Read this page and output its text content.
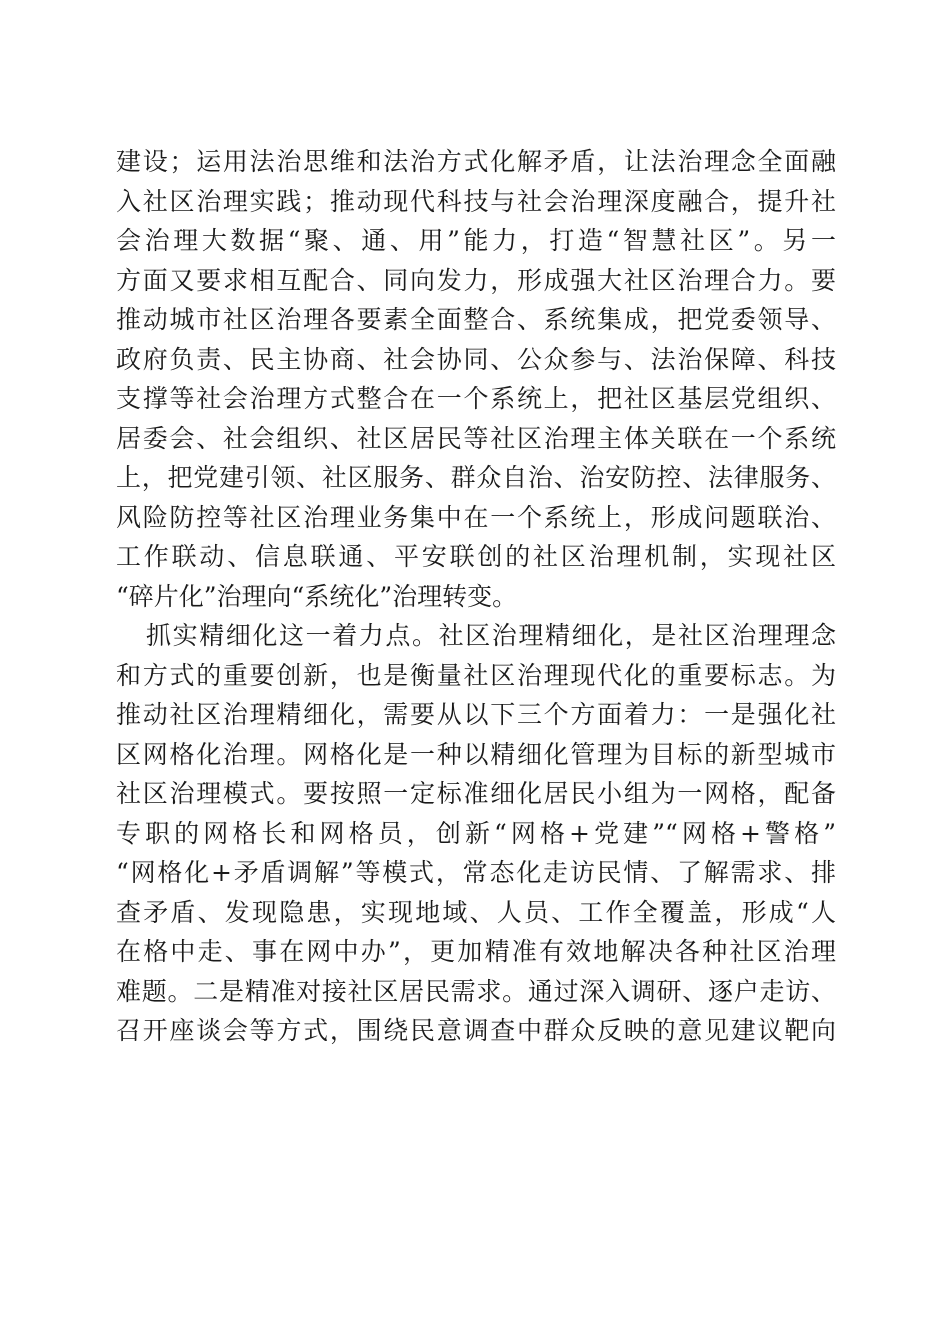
建设；运用法治思维和法治方式化解矛盾，让法治理念全面融
入社区治理实践；推动现代科技与社会治理深度融合，提升社
会治理大数据“聚、通、用”能力，打造“智慧社区”。另一
方面又要求相互配合、同向发力，形成强大社区治理合力。要
推动城市社区治理各要素全面整合、系统集成，把党委领导、
政府负责、民主协商、社会协同、公众参与、法治保障、科技
支撑等社会治理方式整合在一个系统上，把社区基层党组织、
居委会、社会组织、社区居民等社区治理主体关联在一个系统
上，把党建引领、社区服务、群众自治、治安防控、法律服务、
风险防控等社区治理业务集中在一个系统上，形成问题联治、
工作联动、信息联通、平安联创的社区治理机制，实现社区
“碎片化”治理向“系统化”治理转变。
抓实精细化这一着力点。社区治理精细化，是社区治理理念
和方式的重要创新，也是衡量社区治理现代化的重要标志。为
推动社区治理精细化，需要从以下三个方面着力：一是强化社
区网格化治理。网格化是一种以精细化管理为目标的新型城市
社区治理模式。要按照一定标准细化居民小组为一网格，配备
专职的网格长和网格员，创新“网格+党建”“网格+警格”
“网格化+矛盾调解”等模式，常态化走访民情、了解需求、排
查矛盾、发现隐患，实现地域、人员、工作全覆盖，形成“人
在格中走、事在网中办”，更加精准有效地解决各种社区治理
难题。二是精准对接社区居民需求。通过深入调研、逐户走访、
召开座谈会等方式，围绕民意调查中群众反映的意见建议靶向
